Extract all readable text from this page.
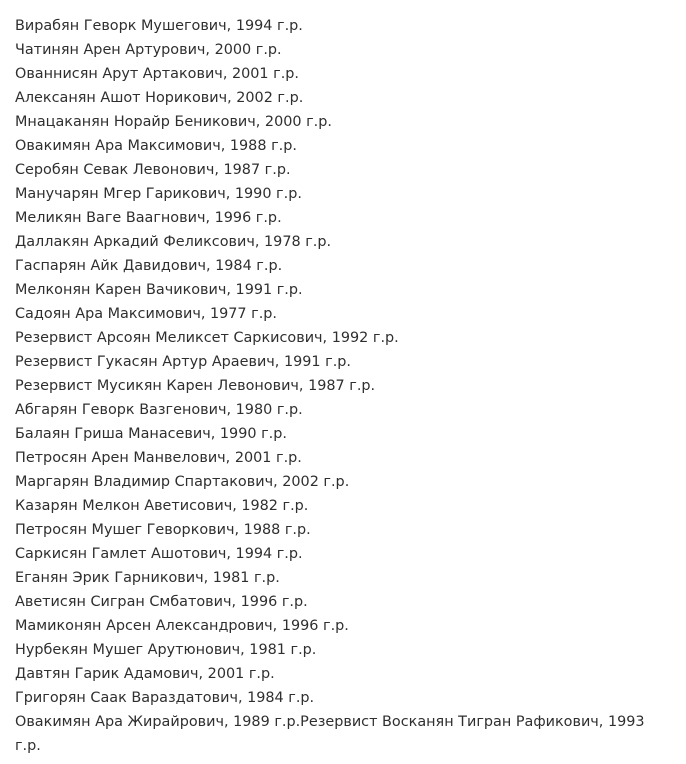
Вирабян Геворк Мушегович, 1994 г.р.
Чатинян Арен Артурович, 2000 г.р.
Ованнисян Арут Артакович, 2001 г.р.
Алексанян Ашот Норикович, 2002 г.р.
Мнацаканян Норайр Беникович, 2000 г.р.
Овакимян Ара Максимович, 1988 г.р.
Серобян Севак Левонович, 1987 г.р.
Манучарян Мгер Гарикович, 1990 г.р.
Меликян Ваге Ваагнович, 1996 г.р.
Даллакян Аркадий Феликсович, 1978 г.р.
Гаспарян Айк Давидович, 1984 г.р.
Мелконян Карен Вачикович, 1991 г.р.
Садоян Ара Максимович, 1977 г.р.
Резервист Арсоян Меликсет Саркисович, 1992 г.р.
Резервист Гукасян Артур Араевич, 1991 г.р.
Резервист Мусикян Карен Левонович, 1987 г.р.
Абгарян Геворк Вазгенович, 1980 г.р.
Балаян Гриша Манасевич, 1990 г.р.
Петросян Арен Манвелович, 2001 г.р.
Маргарян Владимир Спартакович, 2002 г.р.
Казарян Мелкон Аветисович, 1982 г.р.
Петросян Мушег Геворкович, 1988 г.р.
Саркисян Гамлет Ашотович, 1994 г.р.
Еганян Эрик Гарникович, 1981 г.р.
Аветисян Сигран Смбатович, 1996 г.р.
Мамиконян Арсен Александрович, 1996 г.р.
Нурбекян Мушег Арутюнович, 1981 г.р.
Давтян Гарик Адамович, 2001 г.р.
Григорян Саак Вараздатович, 1984 г.р.
Овакимян Ара Жирайрович, 1989 г.р.Резервист Восканян Тигран Рафикович, 1993 г.р.
